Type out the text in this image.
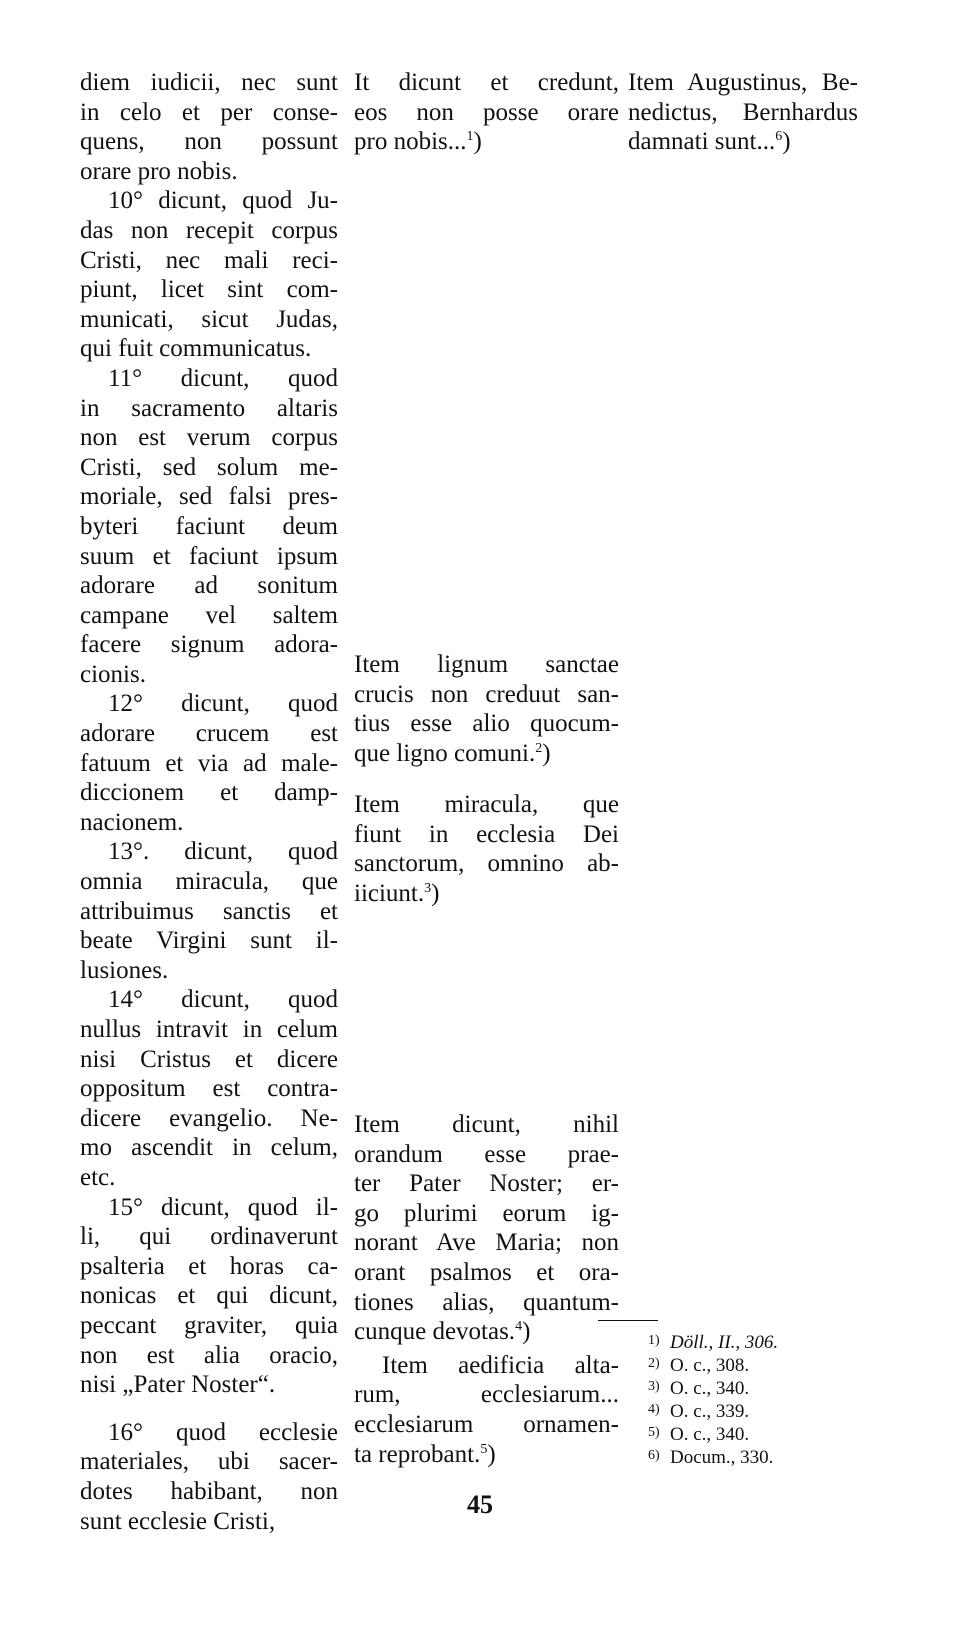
diem iudicii, nec sunt
in celo et per conse-
quens, non possunt
orare pro nobis.

10° dicunt, quod Ju-
das non recepit corpus
Cristi, nec mali reci-
piunt, licet sint com-
municati, sicut Judas,
qui fuit communicatus.

11° dicunt, quod
in sacramento altaris
non est verum corpus
Cristi, sed solum me-
moriale, sed falsi pres-
byteri faciunt deum
suum et faciunt ipsum
adorare ad sonitum
campane vel saltem
facere signum adora-
cionis.

12° dicunt, quod
adorare crucem est
fatuum et via ad male-
diccionem et damp-
nacionem.

13°. dicunt, quod
omnia miracula, que
attribuimus sanctis et
beate Virgini sunt il-
lusiones.

14° dicunt, quod
nullus intravit in celum
nisi Cristus et dicere
oppositum est contra-
dicere evangelio. Ne-
mo ascendit in celum,
etc.

15° dicunt, quod il-
li, qui ordinaverunt
psalteria et horas ca-
nonicas et qui dicunt,
peccant graviter, quia
non est alia oracio,
nisi „Pater Noster“.

16° quod ecclesie
materiales, ubi sacer-
dotes habibant, non
sunt ecclesie Cristi,

It dicunt et credunt,
eos non posse orare
pro nobis...$^1$)

Item lignum sanctae
crucis non creduut san-
tius esse alio quocum-
que ligno comuni.$^2$)

Item miracula, que
fiunt in ecclesia Dei
sanctorum, omnino ab-
iiciunt.$^3$)

Item dicunt, nihil
orandum esse prae-
ter Pater Noster; er-
go plurimi eorum ig-
norant Ave Maria; non
orant psalmos et ora-
tiones alias, quantum-
cunque devotas.$^4$)

Item aedificia alta-
rum, ecclesiarum...
ecclesiarum ornamen-
ta reprobant.$^5$)

Item Augustinus, Be-
nedictus, Bernhardus
damnati sunt...$^6$)

1) Döll., II., 306.
2) O. c., 308.
3) O. c., 340.
4) O. c., 339.
5) O. c., 340.
6) Docum., 330.
45
